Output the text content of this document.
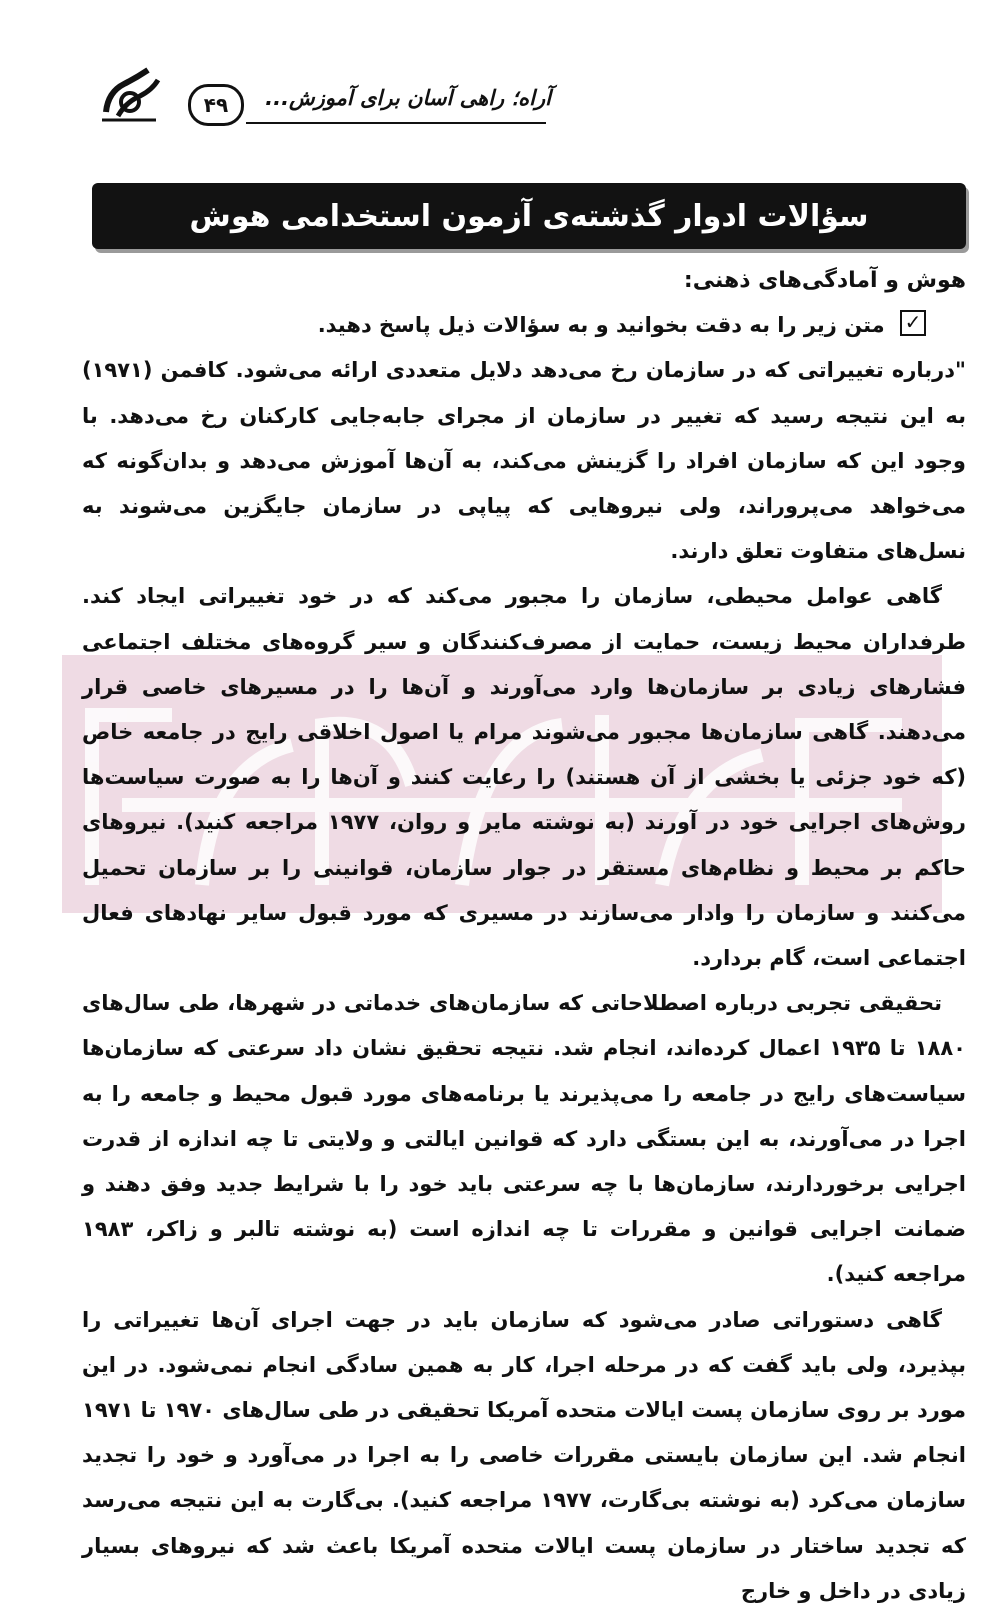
۴۹	آراه؛ راهی آسان برای آموزش...
سؤالات ادوار گذشته‌ی آزمون استخدامی هوش

هوش و آمادگی‌های ذهنی:

✓ متن زیر را به دقت بخوانید و به سؤالات ذیل پاسخ دهید.

"درباره تغییراتی که در سازمان رخ می‌دهد دلایل متعددی ارائه می‌شود. کافمن (۱۹۷۱) به این نتیجه رسید که تغییر در سازمان از مجرای جابه‌جایی کارکنان رخ می‌دهد. با وجود این که سازمان افراد را گزینش می‌کند، به آن‌ها آموزش می‌دهد و بدان‌گونه که می‌خواهد می‌پروراند، ولی نیروهایی که پیاپی در سازمان جایگزین می‌شوند به نسل‌های متفاوت تعلق دارند.

گاهی عوامل محیطی، سازمان را مجبور می‌کند که در خود تغییراتی ایجاد کند. طرفداران محیط زیست، حمایت از مصرف‌کنندگان و سیر گروه‌های مختلف اجتماعی فشارهای زیادی بر سازمان‌ها وارد می‌آورند و آن‌ها را در مسیرهای خاصی قرار می‌دهند. گاهی سازمان‌ها مجبور می‌شوند مرام یا اصول اخلاقی رایج در جامعه خاص (که خود جزئی یا بخشی از آن هستند) را رعایت کنند و آن‌ها را به صورت سیاست‌ها روش‌های اجرایی خود در آورند (به نوشته مایر و روان، ۱۹۷۷ مراجعه کنید). نیروهای حاکم بر محیط و نظام‌های مستقر در جوار سازمان، قوانینی را بر سازمان تحمیل می‌کنند و سازمان را وادار می‌سازند در مسیری که مورد قبول سایر نهادهای فعال اجتماعی است، گام بردارد.

تحقیقی تجربی درباره اصطلاحاتی که سازمان‌های خدماتی در شهرها، طی سال‌های ۱۸۸۰ تا ۱۹۳۵ اعمال کرده‌اند، انجام شد. نتیجه تحقیق نشان داد سرعتی که سازمان‌ها سیاست‌های رایج در جامعه را می‌پذیرند یا برنامه‌های مورد قبول محیط و جامعه را به اجرا در می‌آورند، به این بستگی دارد که قوانین ایالتی و ولایتی تا چه اندازه از قدرت اجرایی برخوردارند، سازمان‌ها با چه سرعتی باید خود را با شرایط جدید وفق دهند و ضمانت اجرایی قوانین و مقررات تا چه اندازه است (به نوشته تالبر و زاکر، ۱۹۸۳ مراجعه کنید).

گاهی دستوراتی صادر می‌شود که سازمان باید در جهت اجرای آن‌ها تغییراتی را بپذیرد، ولی باید گفت که در مرحله اجرا، کار به همین سادگی انجام نمی‌شود. در این مورد بر روی سازمان پست ایالات متحده آمریکا تحقیقی در طی سال‌های ۱۹۷۰ تا ۱۹۷۱ انجام شد. این سازمان بایستی مقررات خاصی را به اجرا در می‌آورد و خود را تجدید سازمان می‌کرد (به نوشته بی‌گارت، ۱۹۷۷ مراجعه کنید). بی‌گارت به این نتیجه می‌رسد که تجدید ساختار در سازمان پست ایالات متحده آمریکا باعث شد که نیروهای بسیار زیادی در داخل و خارج
